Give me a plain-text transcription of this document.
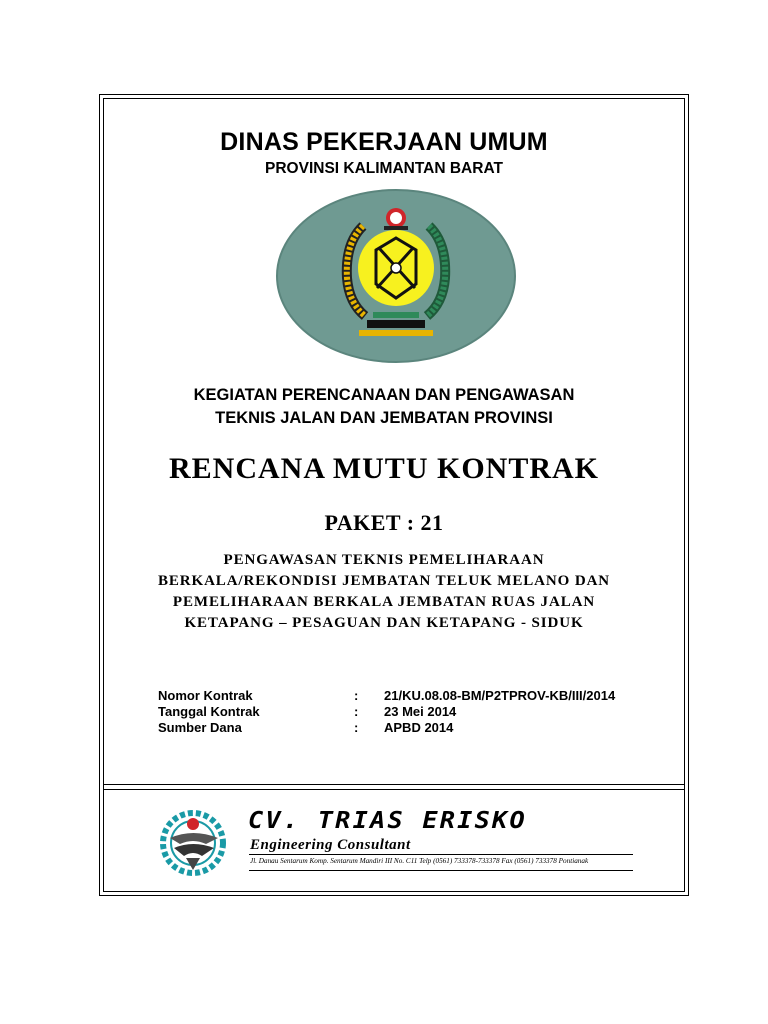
DINAS PEKERJAAN UMUM
PROVINSI KALIMANTAN BARAT
KEGIATAN PERENCANAAN DAN PENGAWASAN
TEKNIS JALAN DAN JEMBATAN PROVINSI
RENCANA MUTU KONTRAK
PAKET : 21
PENGAWASAN TEKNIS PEMELIHARAAN
BERKALA/REKONDISI JEMBATAN TELUK MELANO DAN
PEMELIHARAAN BERKALA JEMBATAN RUAS JALAN
KETAPANG – PESAGUAN DAN KETAPANG - SIDUK
Nomor Kontrak	: 21/KU.08.08-BM/P2TPROV-KB/III/2014
Tanggal Kontrak	: 23 Mei 2014
Sumber Dana	: APBD 2014
CV. TRIAS ERISKO
Engineering Consultant
Jl. Danau Sentarum Komp. Sentarum Mandiri III No. C11 Telp (0561) 733378-733378 Fax (0561) 733378 Pontianak
